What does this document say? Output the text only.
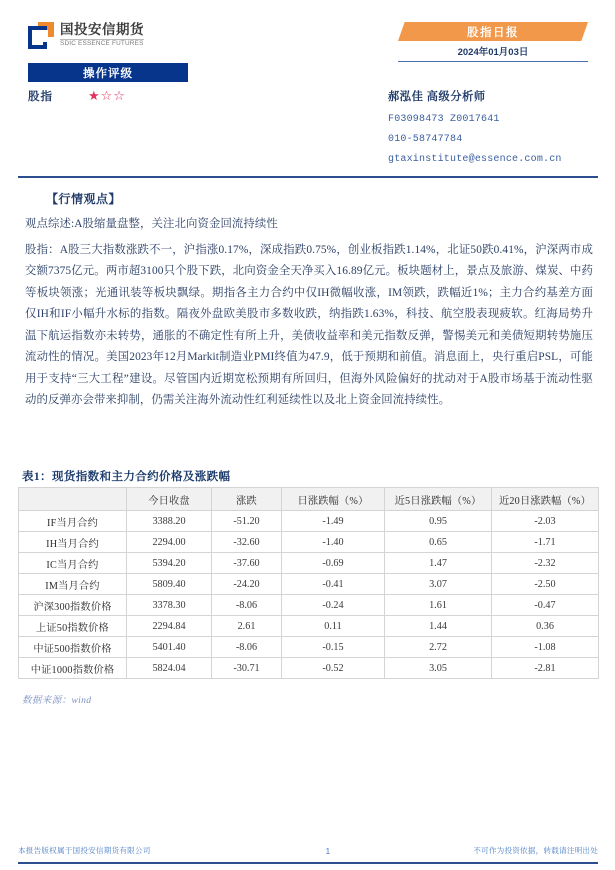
国投安信期货
SDIC ESSENCE FUTURES
操作评级
股指	★☆☆
股指日报
2024年01月03日
郝泓佳 高级分析师
F03098473 Z0017641
010-58747784
gtaxinstitute@essence.com.cn
【行情观点】

观点综述:A股缩量盘整，关注北向资金回流持续性

股指：A股三大指数涨跌不一，沪指涨0.17%，深成指跌0.75%，创业板指跌1.14%，北证50跌0.41%，沪深两市成交额7375亿元。两市超3100只个股下跌，北向资金全天净买入16.89亿元。板块题材上，景点及旅游、煤炭、中药等板块领涨；光通讯装等板块飘绿。期指各主力合约中仅IH微幅收涨，IM领跌，跌幅近1%；主力合约基差方面仅IH和IF小幅升水标的指数。隔夜外盘欧美股市多数收跌，纳指跌1.63%，科技、航空股表现疲软。红海局势升温下航运指数亦未转势，通胀的不确定性有所上升，美债收益率和美元指数反弹，警惕美元和美债短期转势施压流动性的情况。美国2023年12月Markit制造业PMI终值为47.9，低于预期和前值。消息面上，央行重启PSL，可能用于支持“三大工程”建设。尽管国内近期宽松预期有所回归，但海外风险偏好的扰动对于A股市场基于流动性驱动的反弹亦会带来抑制，仍需关注海外流动性红利延续性以及北上资金回流持续性。

表1：现货指数和主力合约价格及涨跌幅
	今日收盘	涨跌	日涨跌幅（%）	近5日涨跌幅（%）	近20日涨跌幅（%）
IF当月合约	3388.20	-51.20	-1.49	0.95	-2.03
IH当月合约	2294.00	-32.60	-1.40	0.65	-1.71
IC当月合约	5394.20	-37.60	-0.69	1.47	-2.32
IM当月合约	5809.40	-24.20	-0.41	3.07	-2.50
沪深300指数价格	3378.30	-8.06	-0.24	1.61	-0.47
上证50指数价格	2294.84	2.61	0.11	1.44	0.36
中证500指数价格	5401.40	-8.06	-0.15	2.72	-1.08
中证1000指数价格	5824.04	-30.71	-0.52	3.05	-2.81
数据来源：wind
本报告版权属于国投安信期货有限公司	1	不可作为投资依据，转载请注明出处
